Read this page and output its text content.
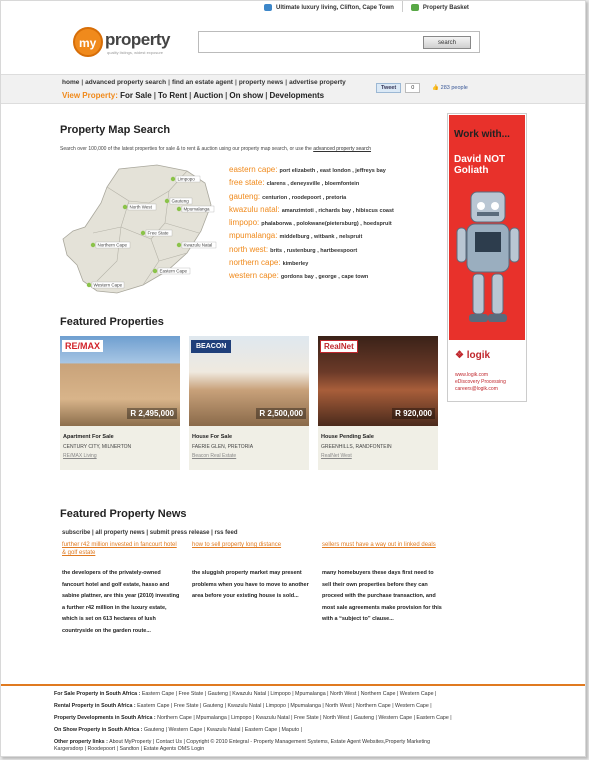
Ultimate luxury living, Clifton, Cape Town	Property Basket
my property
quality listings, widest exposure
search
home | advanced property search | find an estate agent | property news | advertise property
View Property: For Sale | To Rent | Auction | On show | Developments
Tweet	0	👍 283 people
Property Map Search
Search over 100,000 of the latest properties for sale & to rent & auction using our property map search, or use the advanced property search
Limpopo
North West
Gauteng
Mpumalanga
Free State
Kwazulu Natal
Northern Cape
Eastern Cape
Western Cape
eastern cape: port elizabeth , east london , jeffreys bay
free state: clarens , deneysville , bloemfontein
gauteng: centurion , roodepoort , pretoria
kwazulu natal: amanzimtoti , richards bay , hibiscus coast
limpopo: phalaborwa , polokwane(pietersburg) , hoedspruit
mpumalanga: middelburg , witbank , nelspruit
north west: brits , rustenburg , hartbeespoort
northern cape: kimberley
western cape: gordons bay , george , cape town
Featured Properties
RE/MAX
R 2,495,000
Apartment For Sale
CENTURY CITY, MILNERTON
RE/MAX Living
BEACON
R 2,500,000
House For Sale
FAERIE GLEN, PRETORIA
Beacon Real Estate
RealNet
R 920,000
House Pending Sale
GREENHILLS, RANDFONTEIN
RealNet West
Featured Property News
subscribe | all property news | submit press release | rss feed
further r42 million invested in fancourt hotel & golf estate
the developers of the privately-owned fancourt hotel and golf estate, hasso and sabine plattner, are this year (2010) investing a further r42 million in the luxury estate, which is set on 613 hectares of lush countryside on the garden route...
how to sell property long distance
the sluggish property market may present problems when you have to move to another area before your existing house is sold...
sellers must have a way out in linked deals
many homebuyers these days first need to sell their own properties before they can proceed with the purchase transaction, and most sale agreements make provision for this with a “subject to” clause...
Work with...
David NOT Goliath
❖ logik
www.logik.com
eDiscovery Processing
careers@logik.com
For Sale Property in South Africa : Eastern Cape | Free State | Gauteng | Kwazulu Natal | Limpopo | Mpumalanga | North West | Northern Cape | Western Cape |
Rental Property in South Africa : Eastern Cape | Free State | Gauteng | Kwazulu Natal | Limpopo | Mpumalanga | North West | Northern Cape | Western Cape |
Property Developments in South Africa : Northern Cape | Mpumalanga | Limpopo | Kwazulu Natal | Free State | North West | Gauteng | Western Cape | Eastern Cape |
On Show Property in South Africa : Gauteng | Western Cape | Kwazulu Natal | Eastern Cape | Maputo |
Other property links : About MyProperty | Contact Us | Copyright © 2010 Entegral - Property Management Systems, Estate Agent Websites,Property Marketing
Kargersdorp | Roodepoort | Sandton | Estate Agents OMS Login
